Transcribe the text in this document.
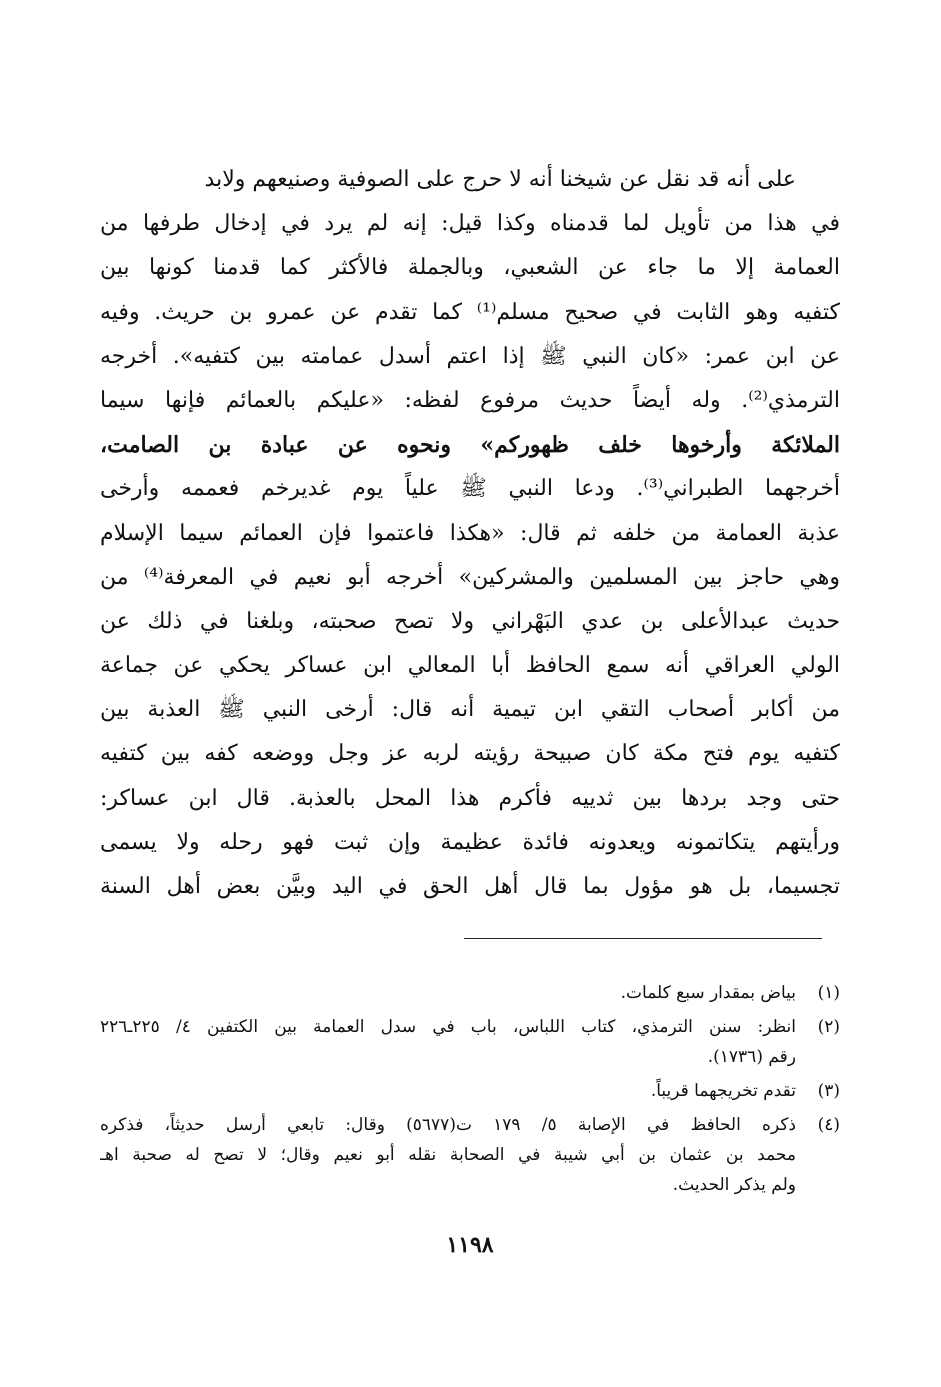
على أنه قد نقل عن شيخنا أنه لا حرج على الصوفية وصنيعهم ولابد
في هذا من تأويل لما قدمناه وكذا قيل: إنه لم يرد في إدخال طرفها من
العمامة إلا ما جاء عن الشعبي، وبالجملة فالأكثر كما قدمنا كونها بين
كتفيه وهو الثابت في صحيح مسلم⁽¹⁾ كما تقدم عن عمرو بن حريث. وفيه
عن ابن عمر: «كان النبي ﷺ إذا اعتم أسدل عمامته بين كتفيه». أخرجه
الترمذي⁽²⁾. وله أيضاً حديث مرفوع لفظه: «عليكم بالعمائم فإنها سيما
الملائكة وأرخوها خلف ظهوركم» ونحوه عن عبادة بن الصامت،
أخرجهما الطبراني⁽³⁾. ودعا النبي ﷺ علياً يوم غديرخم فعممه وأرخى
عذبة العمامة من خلفه ثم قال: «هكذا فاعتموا فإن العمائم سيما الإسلام
وهي حاجز بين المسلمين والمشركين» أخرجه أبو نعيم في المعرفة⁽⁴⁾ من
حديث عبدالأعلى بن عدي البَهْراني ولا تصح صحبته، وبلغنا في ذلك عن
الولي العراقي أنه سمع الحافظ أبا المعالي ابن عساكر يحكي عن جماعة
من أكابر أصحاب التقي ابن تيمية أنه قال: أرخى النبي ﷺ العذبة بين
كتفيه يوم فتح مكة كان صبيحة رؤيته لربه عز وجل ووضعه كفه بين كتفيه
حتى وجد بردها بين ثدييه فأكرم هذا المحل بالعذبة. قال ابن عساكر:
ورأيتهم يتكاتمونه ويعدونه فائدة عظيمة وإن ثبت فهو رحله ولا يسمى
تجسيما، بل هو مؤول بما قال أهل الحق في اليد وبيَّن بعض أهل السنة
(١)
بياض بمقدار سبع كلمات.
(٢)
انظر: سنن الترمذي، كتاب اللباس، باب في سدل العمامة بين الكتفين ٤/ ٢٢٥ـ٢٢٦
رقم (١٧٣٦).
(٣)
تقدم تخريجهما قريباً.
(٤)
ذكره الحافظ في الإصابة ٥/ ١٧٩ ت(٥٦٧٧) وقال: تابعي أرسل حديثاً، فذكره
محمد بن عثمان بن أبي شيبة في الصحابة نقله أبو نعيم وقال؛ لا تصح له صحبة اهـ
ولم يذكر الحديث.
١١٩٨
